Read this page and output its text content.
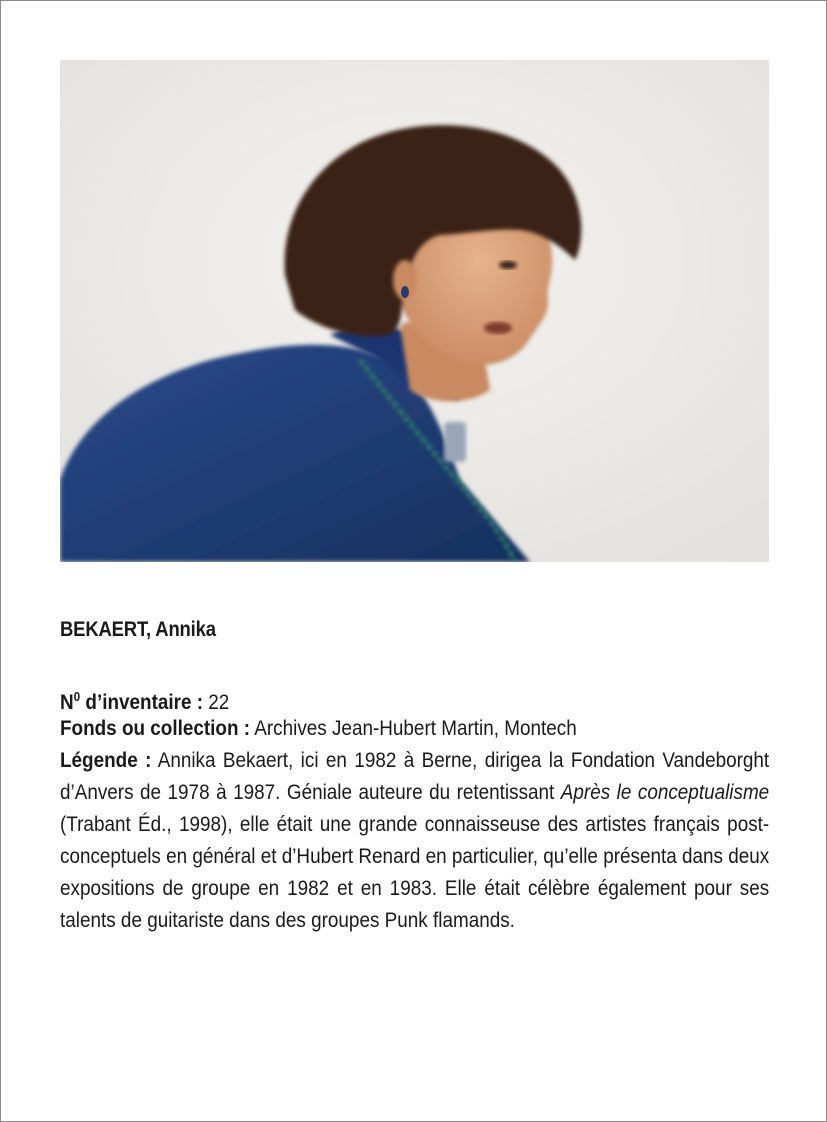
BEKAERT, Annika
$N^0$ d’inventaire : 22
Fonds ou collection : Archives Jean-Hubert Martin, Montech
Légende : Annika Bekaert, ici en 1982 à Berne, dirigea la Fondation Vandeborght d’Anvers de 1978 à 1987. Géniale auteure du retentissant Après le conceptualisme (Trabant Éd., 1998), elle était une grande connaisseuse des artistes français post-conceptuels en général et d’Hubert Renard en particulier, qu’elle présenta dans deux expositions de groupe en 1982 et en 1983. Elle était célèbre également pour ses talents de guitariste dans des groupes Punk flamands.
